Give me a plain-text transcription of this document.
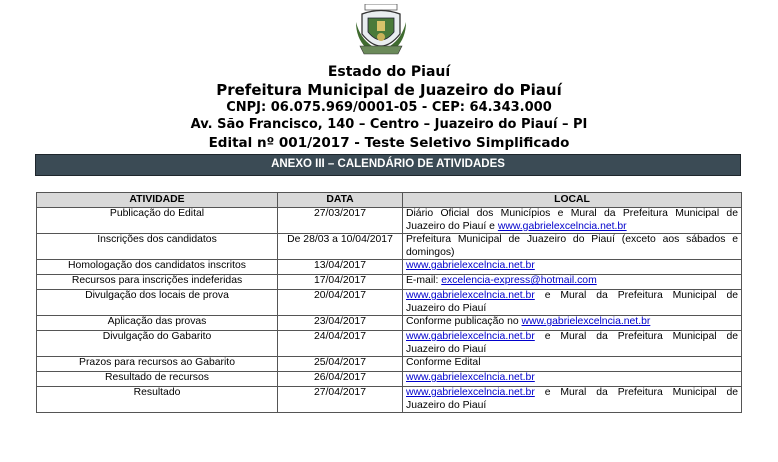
Estado do Piauí
Prefeitura Municipal de Juazeiro do Piauí
CNPJ: 06.075.969/0001-05 - CEP: 64.343.000
Av. São Francisco, 140 – Centro – Juazeiro do Piauí – PI
Edital nº 001/2017 - Teste Seletivo Simplificado
ANEXO III – CALENDÁRIO DE ATIVIDADES
ATIVIDADE	DATA	LOCAL
Publicação do Edital	27/03/2017	Diário Oficial dos Municípios e Mural da Prefeitura Municipal de Juazeiro do Piauí e www.gabrielexcelncia.net.br
Inscrições dos candidatos	De 28/03 a 10/04/2017	Prefeitura Municipal de Juazeiro do Piauí (exceto aos sábados e domingos)
Homologação dos candidatos inscritos	13/04/2017	www.gabrielexcelncia.net.br
Recursos para inscrições indeferidas	17/04/2017	E-mail: excelencia-express@hotmail.com
Divulgação dos locais de prova	20/04/2017	www.gabrielexcelncia.net.br e Mural da Prefeitura Municipal de Juazeiro do Piauí
Aplicação das provas	23/04/2017	Conforme publicação no www.gabrielexcelncia.net.br
Divulgação do Gabarito	24/04/2017	www.gabrielexcelncia.net.br e Mural da Prefeitura Municipal de Juazeiro do Piauí
Prazos para recursos ao Gabarito	25/04/2017	Conforme Edital
Resultado de recursos	26/04/2017	www.gabrielexcelncia.net.br
Resultado	27/04/2017	www.gabrielexcelncia.net.br e Mural da Prefeitura Municipal de Juazeiro do Piauí
